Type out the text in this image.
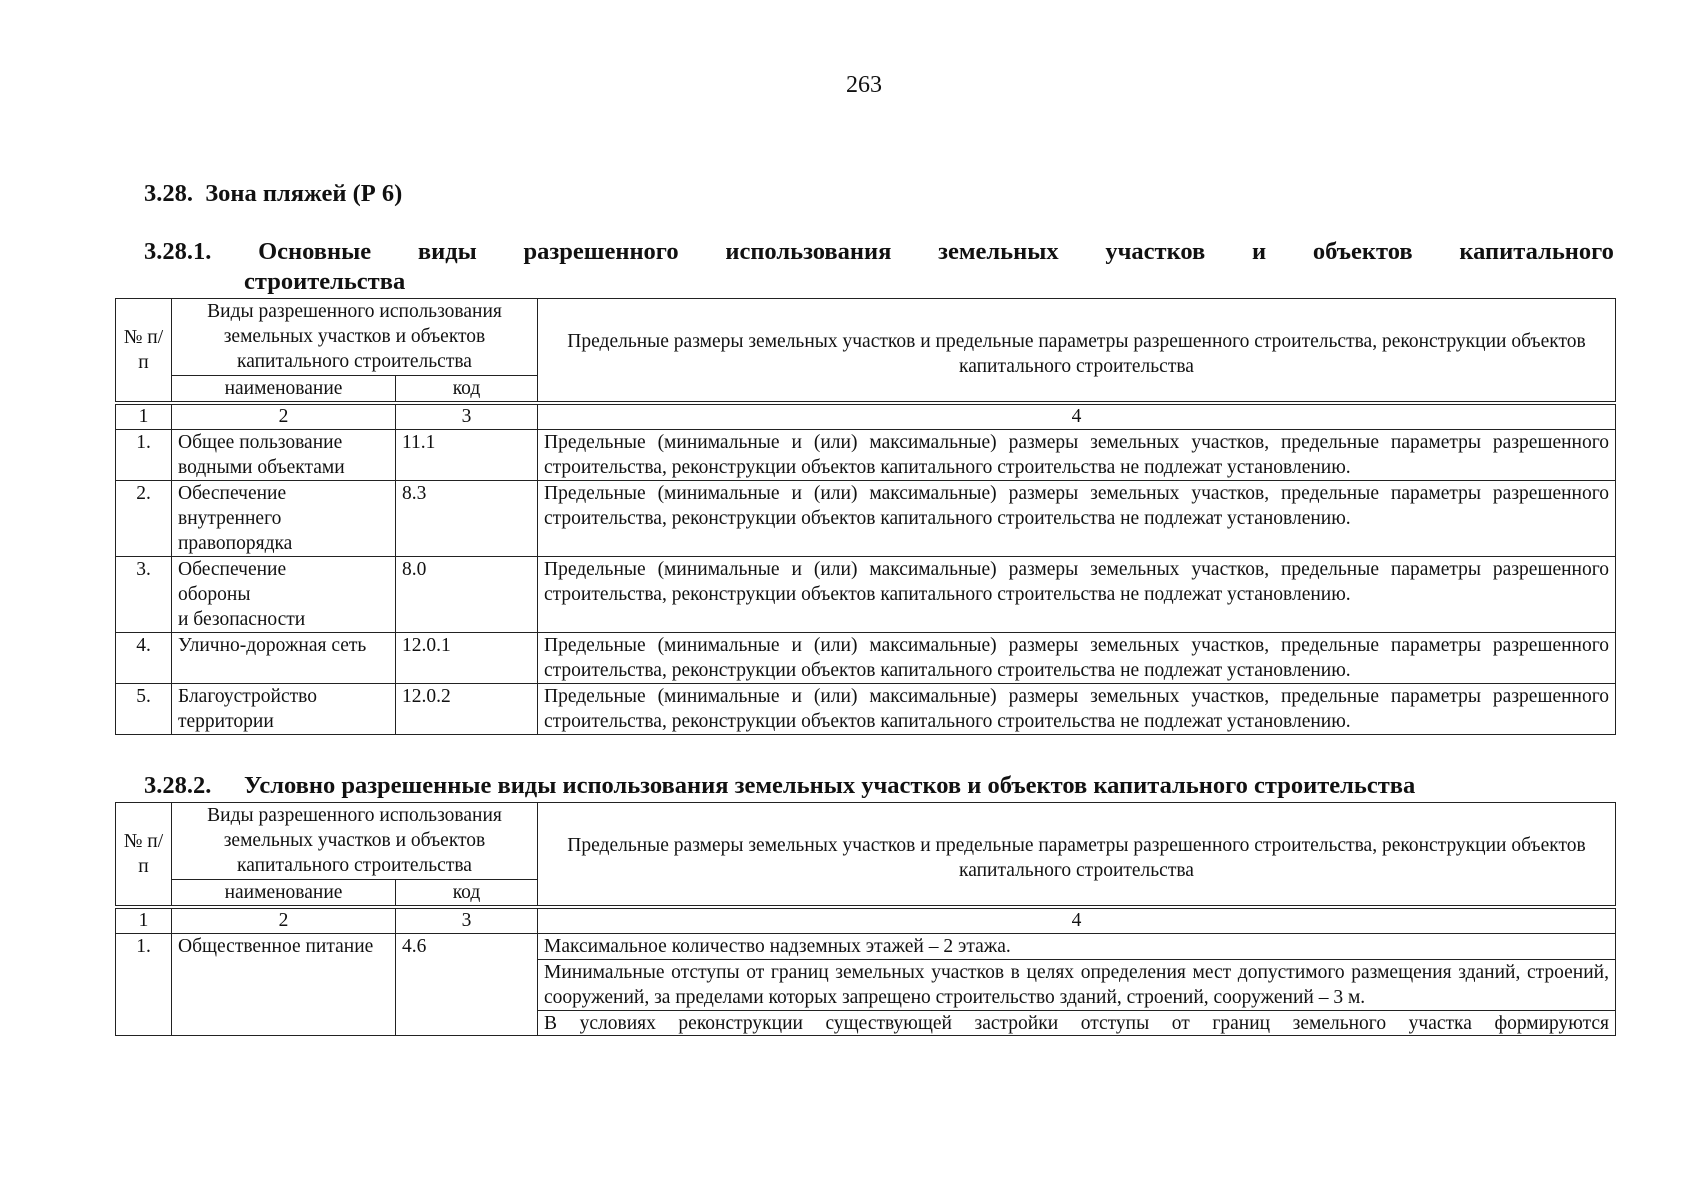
263
3.28. Зона пляжей (Р 6)
3.28.1. Основные виды разрешенного использования земельных участков и объектов капитального
строительства
№ п/п	Виды разрешенного использования земельных участков и объектов капитального строительства		Предельные размеры земельных участков и предельные параметры разрешенного строительства, реконструкции объектов капитального строительства
	наименование	код	
1	2	3	4
1.	Общее пользование водными объектами	11.1	Предельные (минимальные и (или) максимальные) размеры земельных участков, предельные параметры разрешенного строительства, реконструкции объектов капитального строительства не подлежат установлению.
2.	Обеспечение внутреннего правопорядка	8.3	Предельные (минимальные и (или) максимальные) размеры земельных участков, предельные параметры разрешенного строительства, реконструкции объектов капитального строительства не подлежат установлению.
3.	Обеспечение
обороны
и безопасности	8.0	Предельные (минимальные и (или) максимальные) размеры земельных участков, предельные параметры разрешенного строительства, реконструкции объектов капитального строительства не подлежат установлению.
4.	Улично-дорожная сеть	12.0.1	Предельные (минимальные и (или) максимальные) размеры земельных участков, предельные параметры разрешенного строительства, реконструкции объектов капитального строительства не подлежат установлению.
5.	Благоустройство территории	12.0.2	Предельные (минимальные и (или) максимальные) размеры земельных участков, предельные параметры разрешенного строительства, реконструкции объектов капитального строительства не подлежат установлению.
3.28.2. Условно разрешенные виды использования земельных участков и объектов капитального строительства
№ п/п	Виды разрешенного использования земельных участков и объектов капитального строительства		Предельные размеры земельных участков и предельные параметры разрешенного строительства, реконструкции объектов капитального строительства
	наименование	код	
1	2	3	4
1.	Общественное питание	4.6	Максимальное количество надземных этажей – 2 этажа.
			Минимальные отступы от границ земельных участков в целях определения мест допустимого размещения зданий, строений, сооружений, за пределами которых запрещено строительство зданий, строений, сооружений – 3 м.

			В условиях реконструкции существующей застройки отступы от границ земельного участка формируются
